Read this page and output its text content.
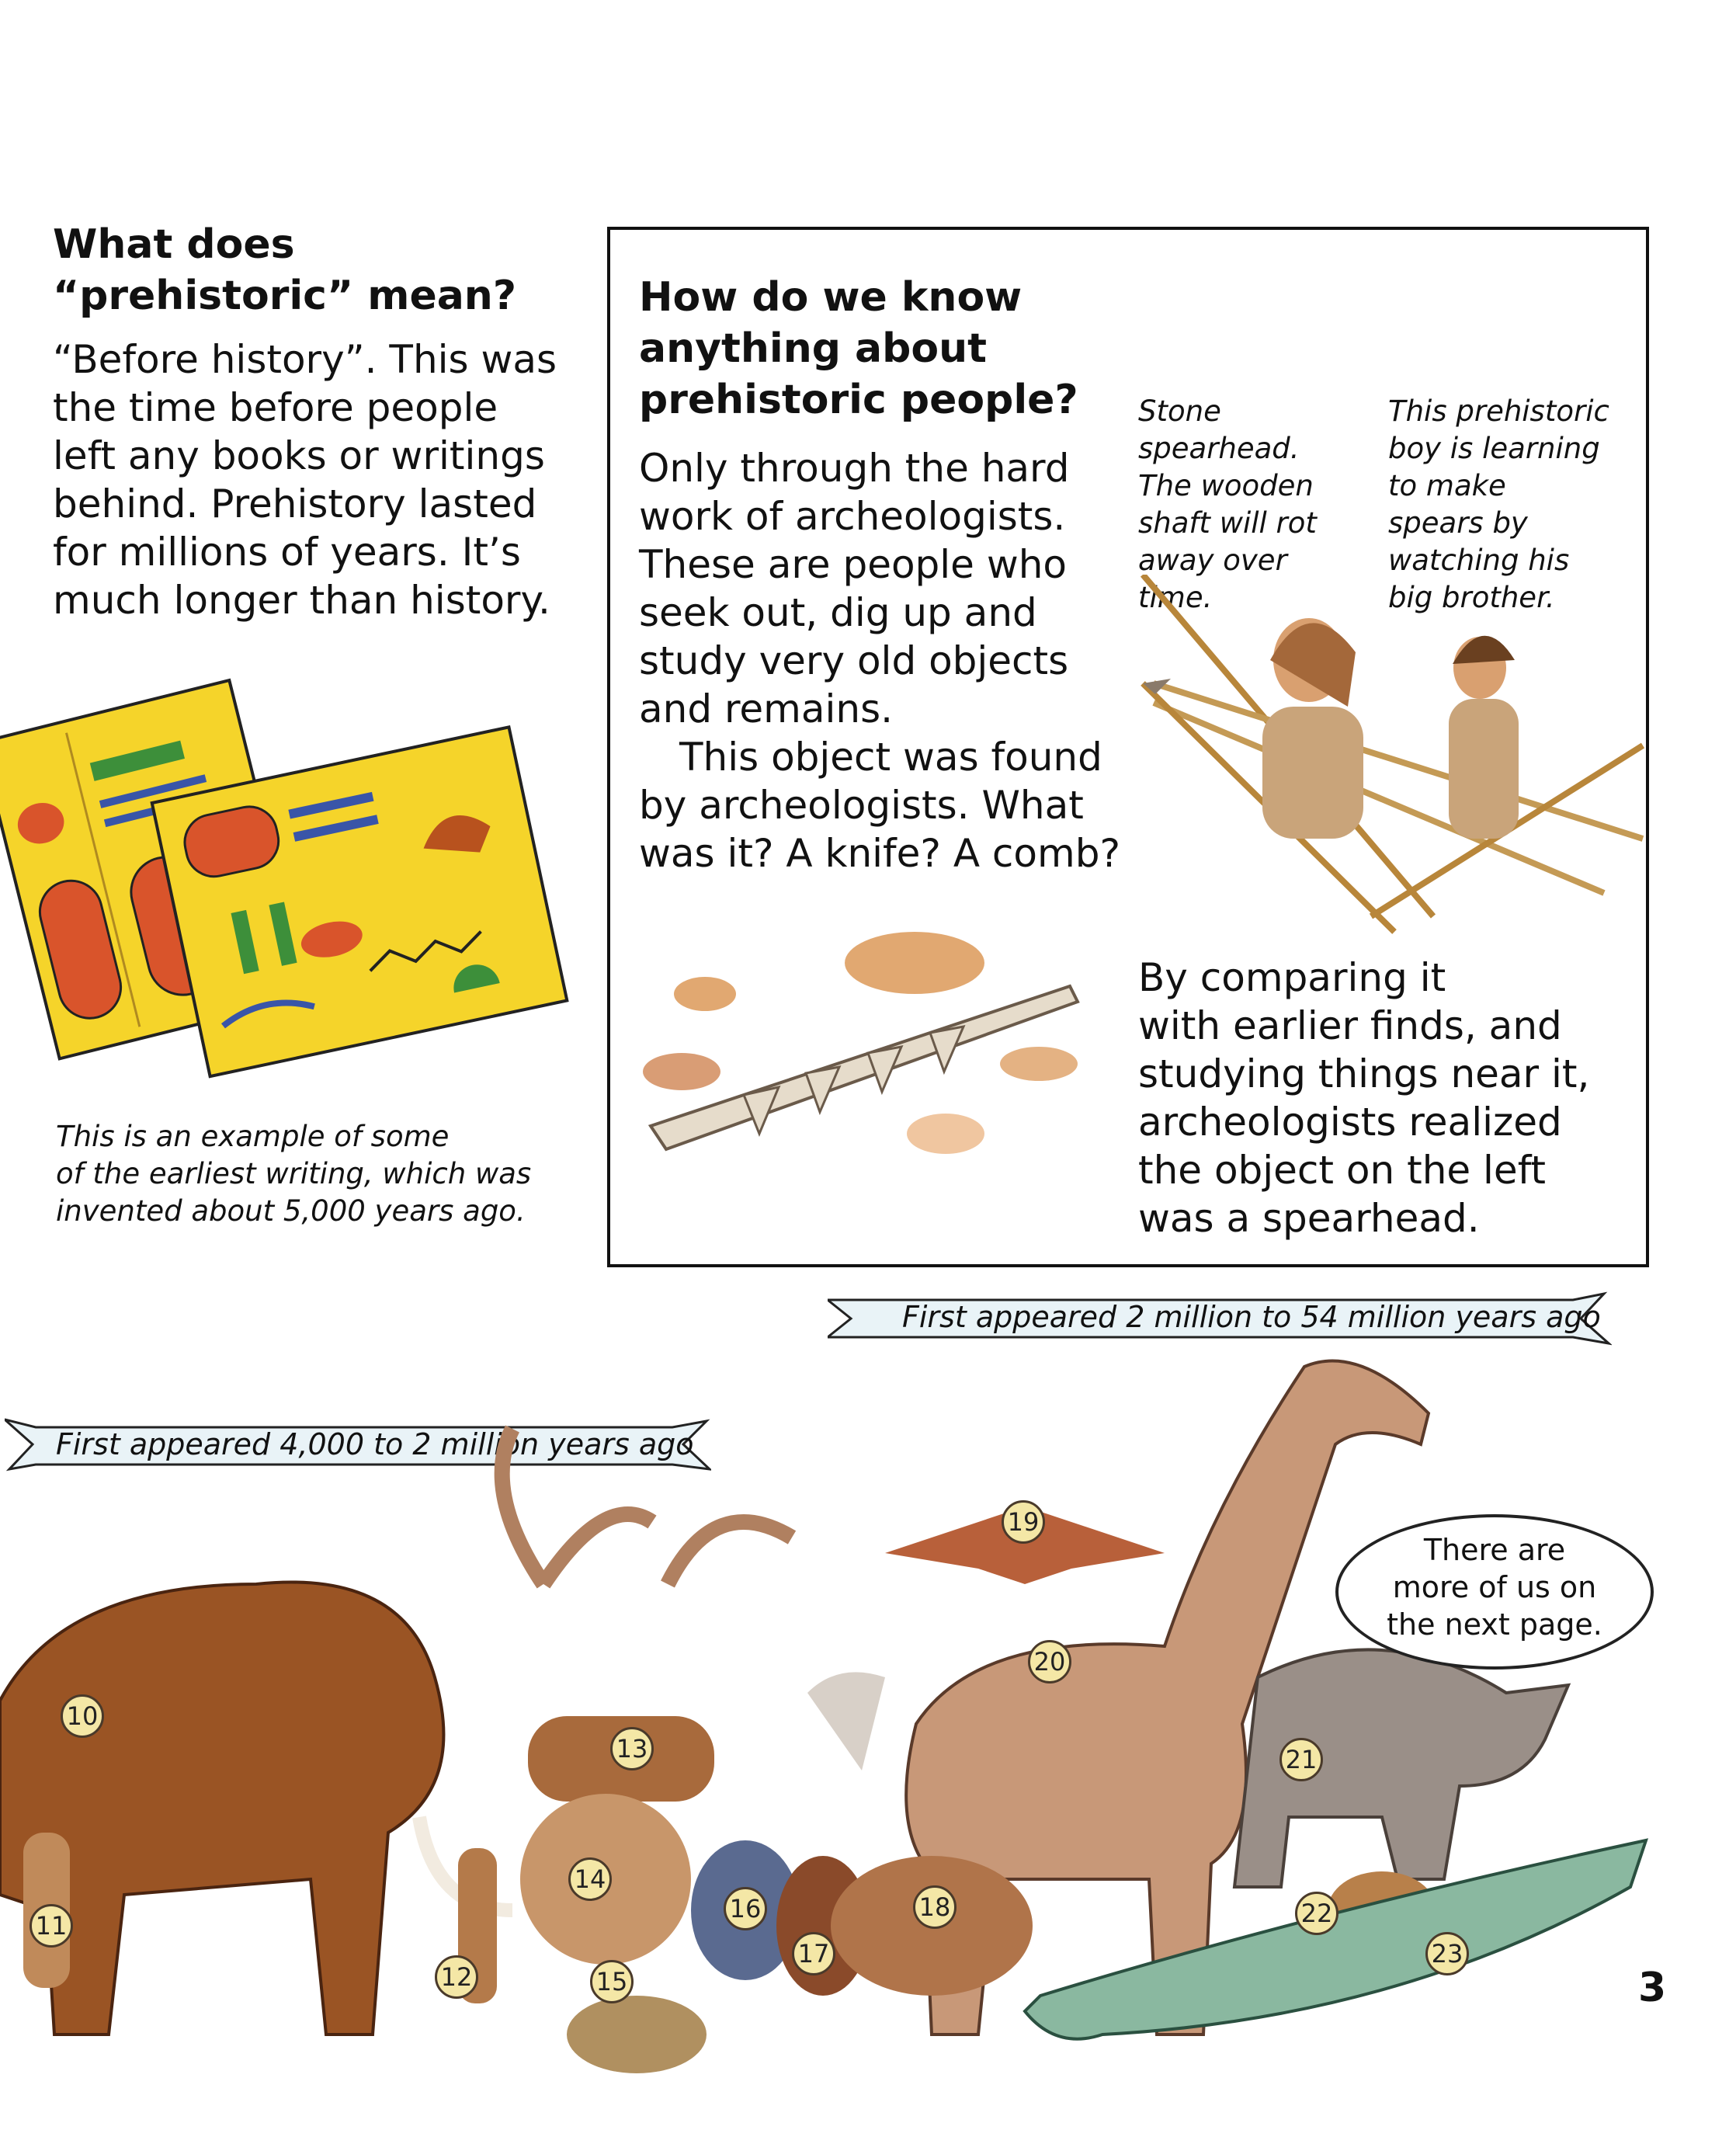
What does
“prehistoric” mean?
“Before history”. This was
the time before people
left any books or writings
behind. Prehistory lasted
for millions of years. It’s
much longer than history.
This is an example of some
of the earliest writing, which was
invented about 5,000 years ago.
How do we know
anything about
prehistoric people?
Only through the hard
work of archeologists.
These are people who
seek out, dig up and
study very old objects
and remains.
This object was found
by archeologists. What
was it? A knife? A comb?
Stone
spearhead.
The wooden
shaft will rot
away over
time.
This prehistoric
boy is learning
to make
spears by
watching his
big brother.
By comparing it
with earlier finds, and
studying things near it,
archeologists realized
the object on the left
was a spearhead.
First appeared 2 million to 54 million years ago
First appeared 4,000 to 2 million years ago
10
11
12
13
14
15
16
17
18
19
20
21
22
23
There are
more of us on
the next page.
3
